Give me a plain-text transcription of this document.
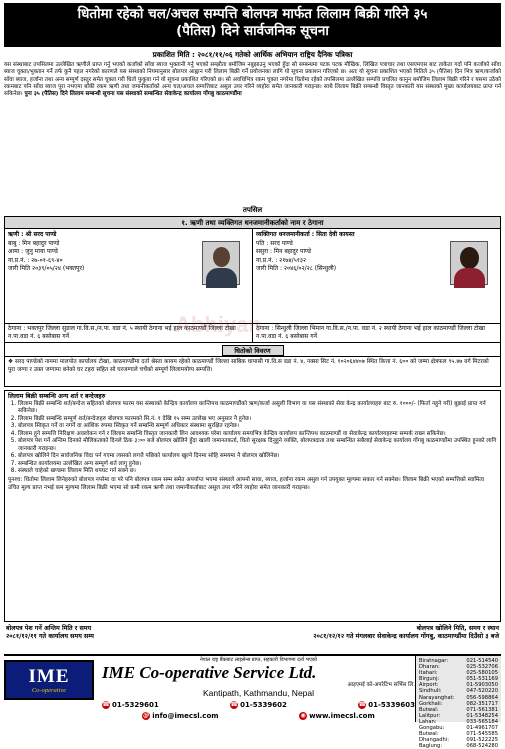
धितोमा रहेको चल/अचल सम्पत्ति बोलपत्र मार्फत लिलाम बिक्री गरिने ३५
(पैतिस) दिने सार्वजनिक सूचना
प्रकाशित मिति : २०८१/११/०६ गतेको आर्थिक अभियान राष्ट्रिय दैनिक पत्रिका
यस संस्थाबाट तपसिलमा उल्लेखित ऋणीले प्राप्त गर्नु भएको कर्जाको साँवा ब्याज भुक्तानी गर्नु भएको सम्झौता बमोजिम नबुझाउनु भएको हुँदा सो सम्बन्धमा पटक पटक मौखिक, लिखित पत्राचार तथा एसएमएस बाट ताकेता गर्दा पनि कर्जाको साँवा ब्याज चुक्ता/भुक्तान गर्ने तर्फ कुनै पहल नगरेको कारणले यस संस्थाको नियमानुसार बोलपत्र आह्वान गरी लिलाम बिक्री गर्ने प्रयोजनका लागि यो सूचना प्रकाशन गरिएको छ। अतः यो सूचना प्रकाशित भएको मितिले ३५ (पैतिस) दिन भित्र ऋण/कर्जाको साँवा ब्याज, हर्जाना तथा अन्य सम्पूर्ण दस्तुर समेत चुक्ता गरी धितो फुकुवा गर्न यो सूचना प्रकाशित गरिएको छ। सो अवधिभित्र रकम चुक्ता नगरेमा धितोमा रहेको तपसिलमा उल्लेखित सम्पत्ति प्रचलित कानुन बमोजिम लिलाम बिक्री गरिने र यसमा उठेको रकमबाट पनि साँवा ब्याज पूरा नभएमा बाँकी रकम ऋणी तथा जमानीकर्ताको अन्य चल/अचल सम्पत्तिबाट असुल उपर गरिने व्यहोरा समेत जानकारी गराइन्छ। साथै लिलाम बिक्री सम्बन्धी विस्तृत जानकारी यस संस्थाको मुख्य कार्यालयबाट प्राप्त गर्न सकिनेछ। पुनः ३५ (पैतिस) दिने लिलाम सम्बन्धी सूचना यस संस्थाको सम्बन्धित सेवाकेन्द्र कार्यालय गोंगबु काठमाण्डौंमा
तपसिल
१. ऋणी तथा व्यक्तिगत धनजमानीकर्ताको नाम र ठेगाना
ऋणी : श्री सरद पाण्डे
बाबु : मिन बहादुर पाण्डे
आमा : जुनु माया पाण्डे
ना.प्र.नं. : २७-०१-६९-४०
जारी मिति २०३९/०५/२४ (भक्तपुर)
व्यक्तिगत धनजमानीकर्ता : सिता देवी कायस्त
पति : सरद पाण्डे
ससुरा : मिन बहादुर पाण्डे
ना.प्र.नं. : २१७४/५१३२
जारी मिति : २०४६/०२/२८ (सिन्धुली)
ठेगाना : भक्तपुर जिल्ला सुडाल गा.वि.स./न.पा. वडा नं. ५ स्थायी ठेगाना भई हाल काठमाण्डौं जिल्ला टोखा न.पा.वडा नं. ६ बसोबास गर्ने
ठेगाना : सिन्धुली जिल्ला भिमान गा.वि.स./न.पा. वडा नं. २ स्थायी ठेगाना भई हाल काठमाण्डौं जिल्ला टोखा न.पा.वडा नं. ६ बसोबास गर्ने
धितोको विवरण
❖ सरद पाण्डेको नाममा मालपोत कार्यालय टोखा, काठमाण्डौंमा दर्ता श्रेस्ता कायम रहेको काठमाण्डौं जिल्ला साबिक धापासी गा.वि.स वडा नं. ४, नक्सा सिट नं. १०२०६४४०७ स्थित कित्ता नं. ६०० को जम्मा क्षेत्रफल ९५.४७ वर्ग मिटरको पुरा जग्गा र उक्त जग्गामा बनेको घर टहरा सहित सो घरजग्गाले चर्चेको सम्पूर्ण लिलामयोग्य सम्पत्ति।
लिलाम बिक्री सम्बन्धि अन्य शर्त र बन्देजहरु
1. लिलाम बिक्री सम्बन्धि शर्त/बन्देज सहितको बोलपत्र फारम यस संस्थाको केन्द्रिय कार्यालय कान्तिपथ काठमाण्डौंको ऋण/कर्जा असुली विभाग वा यस संस्थाको सेवा केन्द्र कार्यालयहरु बाट रु. १०००/- (फिर्ता नहुने गरी) बुझाई प्राप्त गर्न सकिनेछ।
2. लिलाम बिक्री सम्बन्धि सम्पूर्ण शर्त/बन्देजहरु बोलपत्र फारमको सि.नं. १ देखि १५ सम्म उल्लेख भए अनुसार नै हुनेछ।
3. बोलपत्र स्विकृत गर्ने वा नगर्ने वा आंशिक रुपमा स्विकृत गर्ने सम्बन्धि सम्पूर्ण अधिकार संस्थामा सुरक्षित रहनेछ।
4. लिलाम हुने सम्पत्ति निरिक्षण अवलोकन गर्न र लिलाम सम्बन्धि विस्तृत जानकारी लिन आवश्यक परेमा कार्यालय समयभित्र केन्द्रिय कार्यालय कान्तिपथ काठमाण्डौं वा सेवाकेन्द्र कार्यालयहरुमा सम्पर्क राख्न सकिनेछ।
5. बोलपत्र पेश गर्ने अन्तिम दिनको मौलिकताको दिनले ठिक ३:०० बजे बोलपत्र खोलिने हुँदा खाली जमानतकर्ता, धितो सुरक्षक दिनुहुने व्यक्ति, बोलपत्रदाता तथा सम्बन्धित सबैलाई सेवाकेन्द्र कार्यालय गोंगबु काठमाण्डौंमा उपस्थित हुनको लागि जानकारी गराइन्छ।
6. बोलपत्र खोलिने दिन सार्वजनिक विदा पर्न गएमा त्यसको लगत्तै पछिको कार्यालय खुल्ने दिनमा सोहि समयमा नै बोलपत्र खोलिनेछ।
7. सम्बन्धित कार्यालयमा उल्लेखित अन्य सम्पूर्ण शर्त लागु हुनेछ।
8. संस्थाले चाहेको खण्डमा लिलाम मिति थपघट गर्न सक्ने छ।
पुनश्च: धितोमा लिलाम लिनेहरुको बोलपत्र नपरेमा वा परे पनि बोलपत्र रकम सम्म समेत अपर्याप्त भएमा संस्थाले आफ्नो सावा, ब्याज, हर्जाना रकम असुल गर्न उपयुक्त मूल्यमा सकार गर्न सक्नेछ। लिलाम बिक्री भएको सम्पत्तिको स्वामित्व उचित मूल्य प्राप्त नभई कम मूल्यमा लिलाम बिक्री भएमा सो कमी रकम ऋणी तथा जमानीकर्ताबाट असुल उपर गरिने व्यहोरा समेत जानकारी गराइन्छ।
बोलपत्र पेश गर्ने अन्तिम मिति र समय
२०८१/१२/११ गते कार्यालय समय सम्म
बोलपत्र खोलिने मिति, समय र स्थान
२०८१/१२/१२ गते मंगलबार सेवाकेन्द्र कार्यालय गोंगबु, काठमाण्डौंमा दिउँसो ३ बजे
IME
Co-operative
नेपाल राष्ट्र बैंकबाट लाइसेन्स प्राप्त, सहकारी विभागमा दर्ता भएको
IME Co-operative Service Ltd.
आइएमई को-अपरेटिभ सर्भिस लि.
Kantipath, Kathmandu, Nepal
☎ 01-5329601	☎ 01-5339602	☎ 01-5339603
@ info@imecsl.com	◉ www.imecsl.com
Biratnagar:	021-514540
Dharan:	025-532706
Itahari:	025-580105
Birgunj:	051-531169
Airport:	01-5903050
Sindhuli:	047-520220
Narayanghat: 056-598864
Gorkhali:	082-351717
Butwal:	071-561381
Lalitpur:	01-5348254
Lahan:	033-565184
Gongabu:	01-4961707
Butwal:	071-545585
Dhangadhi:	091-522225
Baglung:	068-524280
Abhiyan
